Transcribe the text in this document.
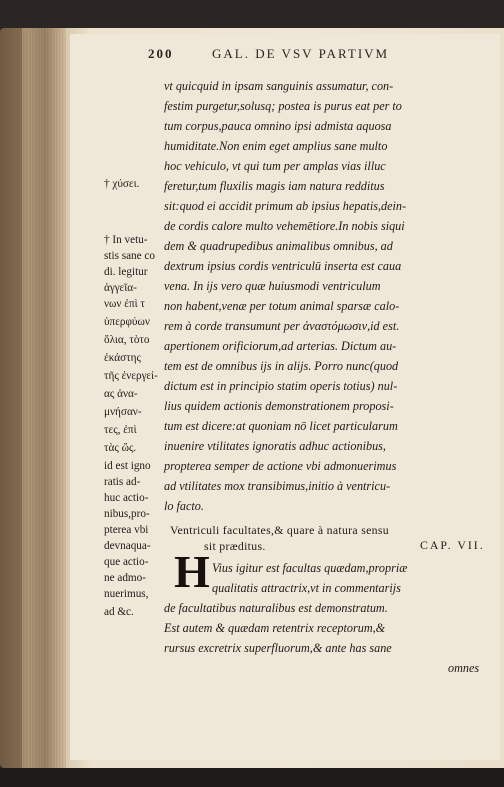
200	GAL. DE VSV PARTIVM
vt quicquid in ipsam sanguinis assumatur, con-
festim purgetur,solusq; postea is purus eat per to
tum corpus,pauca omnino ipsi admista aquosa
humiditate.Non enim eget amplius sane multo
hoc vehiculo, vt qui tum per amplas vias illuc
feretur,tum fluxilis magis iam natura redditus
sit:quod ei accidit primum ab ipsius hepatis,dein-
de cordis calore multo vehemētiore.In nobis siqui
dem & quadrupedibus animalibus omnibus, ad
dextrum ipsius cordis ventriculū inserta est caua
vena. In ijs vero quæ huiusmodi ventriculum
non habent,venæ per totum animal sparsæ calo-
rem à corde transumunt per ἀναστόμωσιν,id est.
apertionem orificiorum,ad arterias. Dictum au-
tem est de omnibus ijs in alijs. Porro nunc(quod
dictum est in principio statim operis totius) nul-
lius quidem actionis demonstrationem proposi-
tum est dicere:at quoniam nō licet particularum
inuenire vtilitates ignoratis adhuc actionibus,
propterea semper de actione vbi admonuerimus
ad vtilitates mox transibimus,initio à ventricu-
lo facto.
Ventriculi facultates,& quare à natura sensu
sit præditus.	CAP. VII.
H Vius igitur est facultas quædam,propriæ
qualitatis attractrix,vt in commentarijs
de facultatibus naturalibus est demonstratum.
Est autem & quædam retentrix receptorum,&
rursus excretrix superfluorum,& ante has sane
omnes
† χύσει.
† In vetu-
stis sane co
di. legitur
ἀγγεῖα-
νων ἐπὶ τ
ὑπερφύων
ὄλια, τὸτο
ἐκάστης
τῆς ἐνεργεί-
ας ἀνα-
μνήσαν-
τες, ἐπὶ
τὰς ὤς.
id est igno
ratis ad-
huc actio-
nibus,pro-
pterea vbi
devnaqua-
que actio-
ne admo-
nuerimus,
ad &c.
